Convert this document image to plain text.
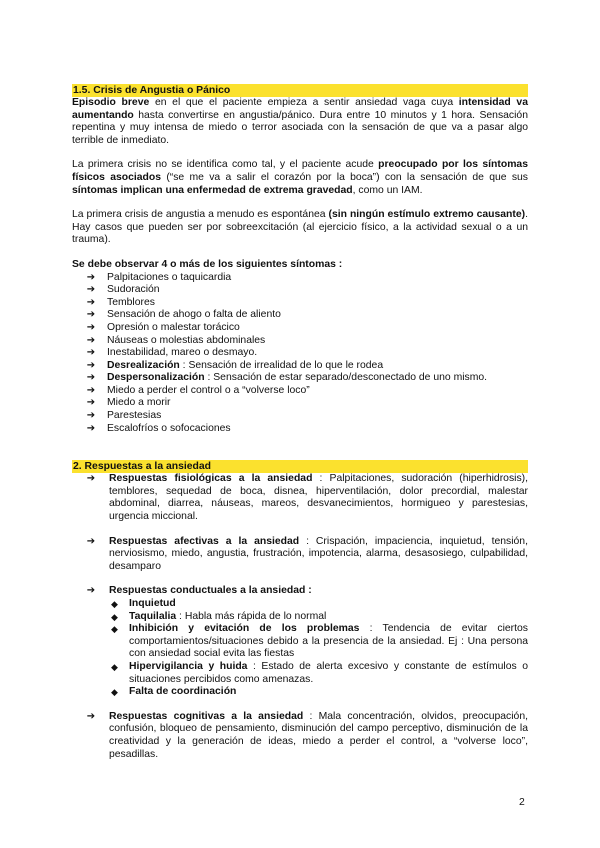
1.5. Crisis de Angustia o Pánico

Episodio breve en el que el paciente empieza a sentir ansiedad vaga cuya intensidad va aumentando hasta convertirse en angustia/pánico. Dura entre 10 minutos y 1 hora. Sensación repentina y muy intensa de miedo o terror asociada con la sensación de que va a pasar algo terrible de inmediato.

La primera crisis no se identifica como tal, y el paciente acude preocupado por los síntomas físicos asociados (“se me va a salir el corazón por la boca”) con la sensación de que sus síntomas implican una enfermedad de extrema gravedad, como un IAM.

La primera crisis de angustia a menudo es espontánea (sin ningún estímulo extremo causante). Hay casos que pueden ser por sobreexcitación (al ejercicio físico, a la actividad sexual o a un trauma).

Se debe observar 4 o más de los siguientes síntomas :

➔ Palpitaciones o taquicardia
➔ Sudoración
➔ Temblores
➔ Sensación de ahogo o falta de aliento
➔ Opresión o malestar torácico
➔ Náuseas o molestias abdominales
➔ Inestabilidad, mareo o desmayo.
➔ Desrealización : Sensación de irrealidad de lo que le rodea
➔ Despersonalización : Sensación de estar separado/desconectado de uno mismo.
➔ Miedo a perder el control o a “volverse loco”
➔ Miedo a morir
➔ Parestesias
➔ Escalofríos o sofocaciones
2. Respuestas a la ansiedad
➔ Respuestas fisiológicas a la ansiedad : Palpitaciones, sudoración (hiperhidrosis), temblores, sequedad de boca, disnea, hiperventilación, dolor precordial, malestar abdominal, diarrea, náuseas, mareos, desvanecimientos, hormigueo y parestesias, urgencia miccional.
➔ Respuestas afectivas a la ansiedad : Crispación, impaciencia, inquietud, tensión, nerviosismo, miedo, angustia, frustración, impotencia, alarma, desasosiego, culpabilidad, desamparo
➔ Respuestas conductuales a la ansiedad :
◆ Inquietud
◆ Taquilalia : Habla más rápida de lo normal
◆ Inhibición y evitación de los problemas : Tendencia de evitar ciertos comportamientos/situaciones debido a la presencia de la ansiedad. Ej : Una persona con ansiedad social evita las fiestas
◆ Hipervigilancia y huida : Estado de alerta excesivo y constante de estímulos o situaciones percibidos como amenazas.
◆ Falta de coordinación
➔ Respuestas cognitivas a la ansiedad : Mala concentración, olvidos, preocupación, confusión, bloqueo de pensamiento, disminución del campo perceptivo, disminución de la creatividad y la generación de ideas, miedo a perder el control, a “volverse loco”, pesadillas.
2
